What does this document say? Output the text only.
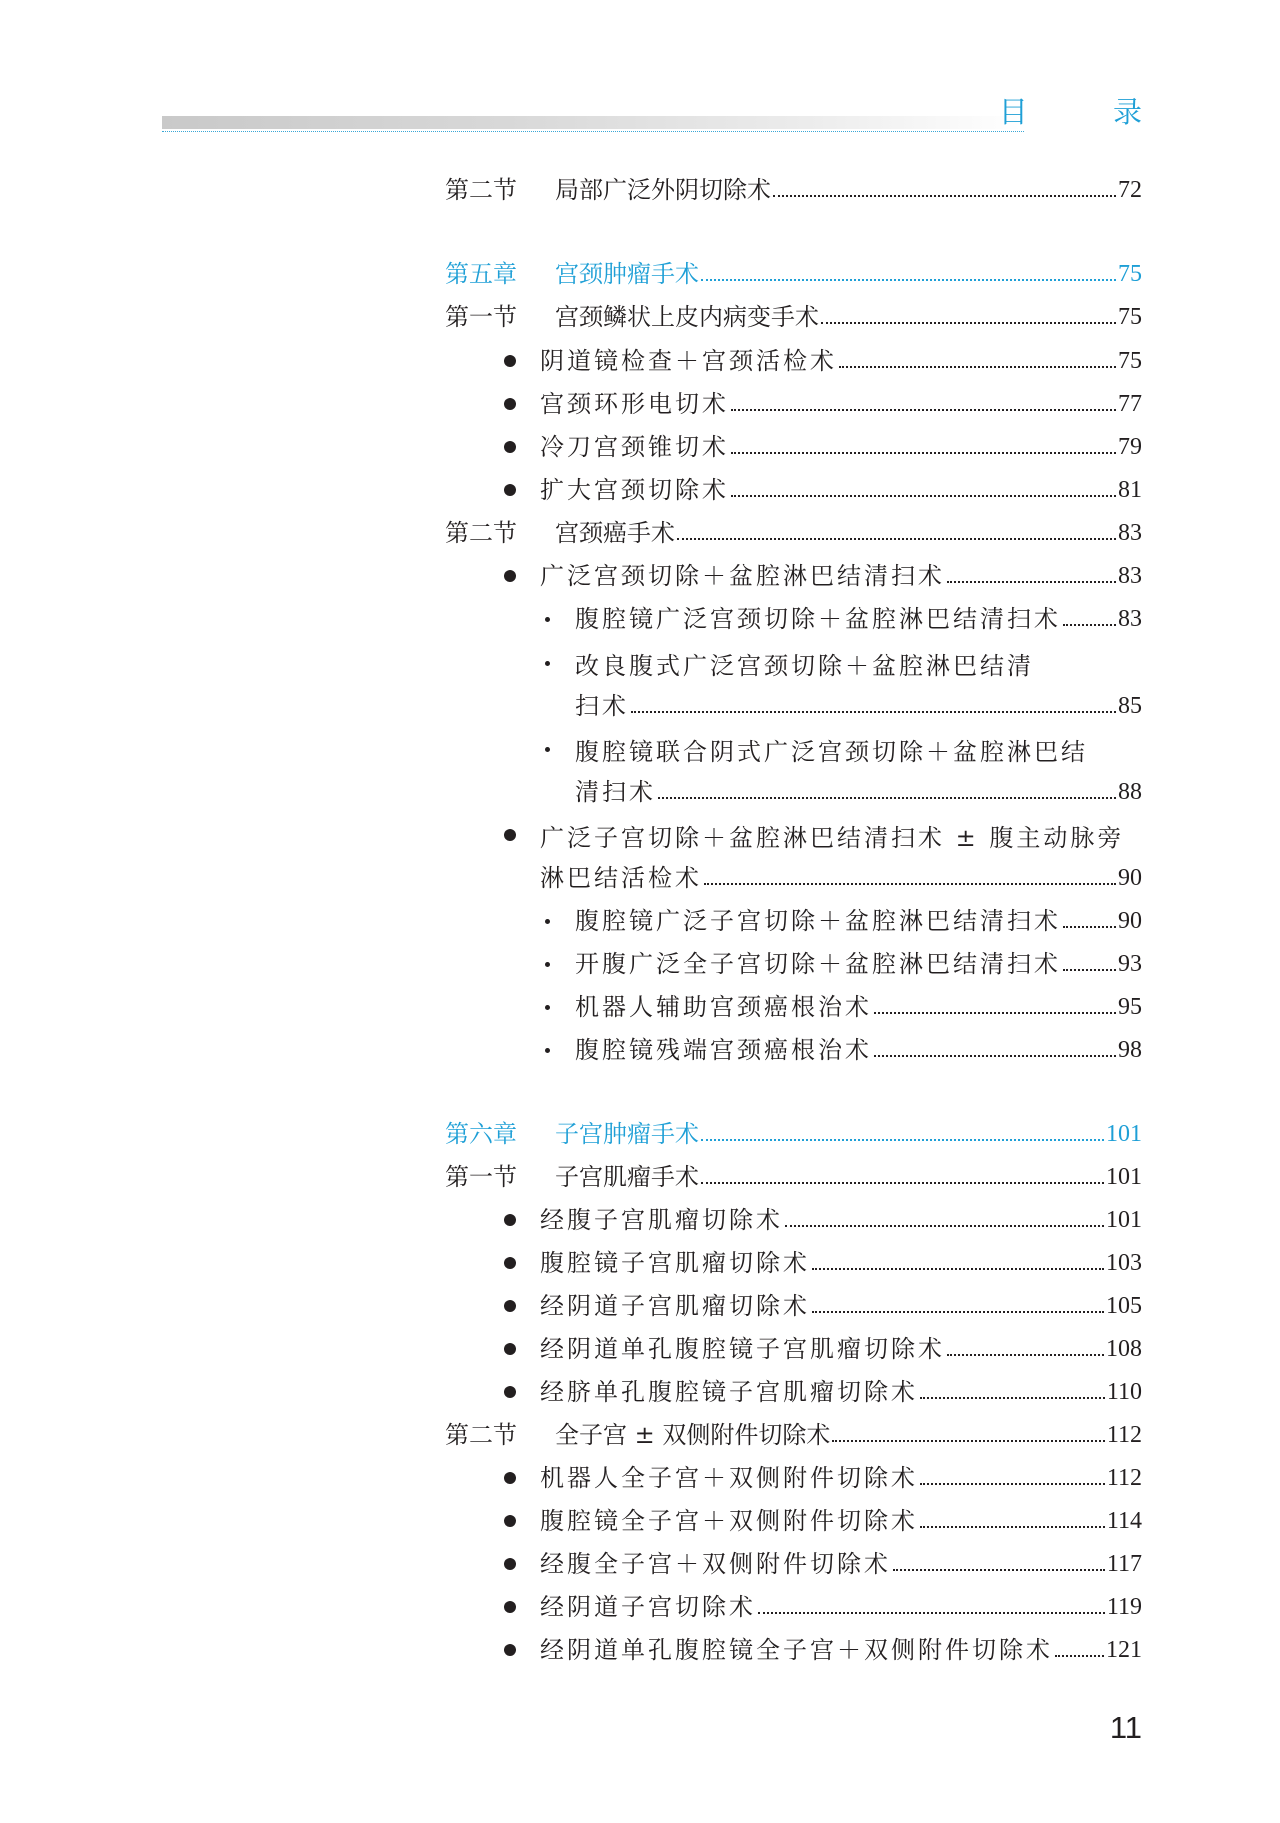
目 录
第二节 局部广泛外阴切除术	72
第五章 宫颈肿瘤手术	75
第一节 宫颈鳞状上皮内病变手术	75
阴道镜检查＋宫颈活检术	75
宫颈环形电切术	77
冷刀宫颈锥切术	79
扩大宫颈切除术	81
第二节 宫颈癌手术	83
广泛宫颈切除＋盆腔淋巴结清扫术	83
腹腔镜广泛宫颈切除＋盆腔淋巴结清扫术 83
改良腹式广泛宫颈切除＋盆腔淋巴结清
扫术	85
腹腔镜联合阴式广泛宫颈切除＋盆腔淋巴结
清扫术	88
广泛子宫切除＋盆腔淋巴结清扫术 ± 腹主动脉旁
淋巴结活检术	90
腹腔镜广泛子宫切除＋盆腔淋巴结清扫术 90
开腹广泛全子宫切除＋盆腔淋巴结清扫术 93
机器人辅助宫颈癌根治术	95
腹腔镜残端宫颈癌根治术	98
第六章 子宫肿瘤手术	101
第一节 子宫肌瘤手术	101
经腹子宫肌瘤切除术	101
腹腔镜子宫肌瘤切除术	103
经阴道子宫肌瘤切除术	105
经阴道单孔腹腔镜子宫肌瘤切除术	108
经脐单孔腹腔镜子宫肌瘤切除术	110
第二节 全子宫 ± 双侧附件切除术	112
机器人全子宫＋双侧附件切除术	112
腹腔镜全子宫＋双侧附件切除术	114
经腹全子宫＋双侧附件切除术	117
经阴道子宫切除术	119
经阴道单孔腹腔镜全子宫＋双侧附件切除术 121
11
